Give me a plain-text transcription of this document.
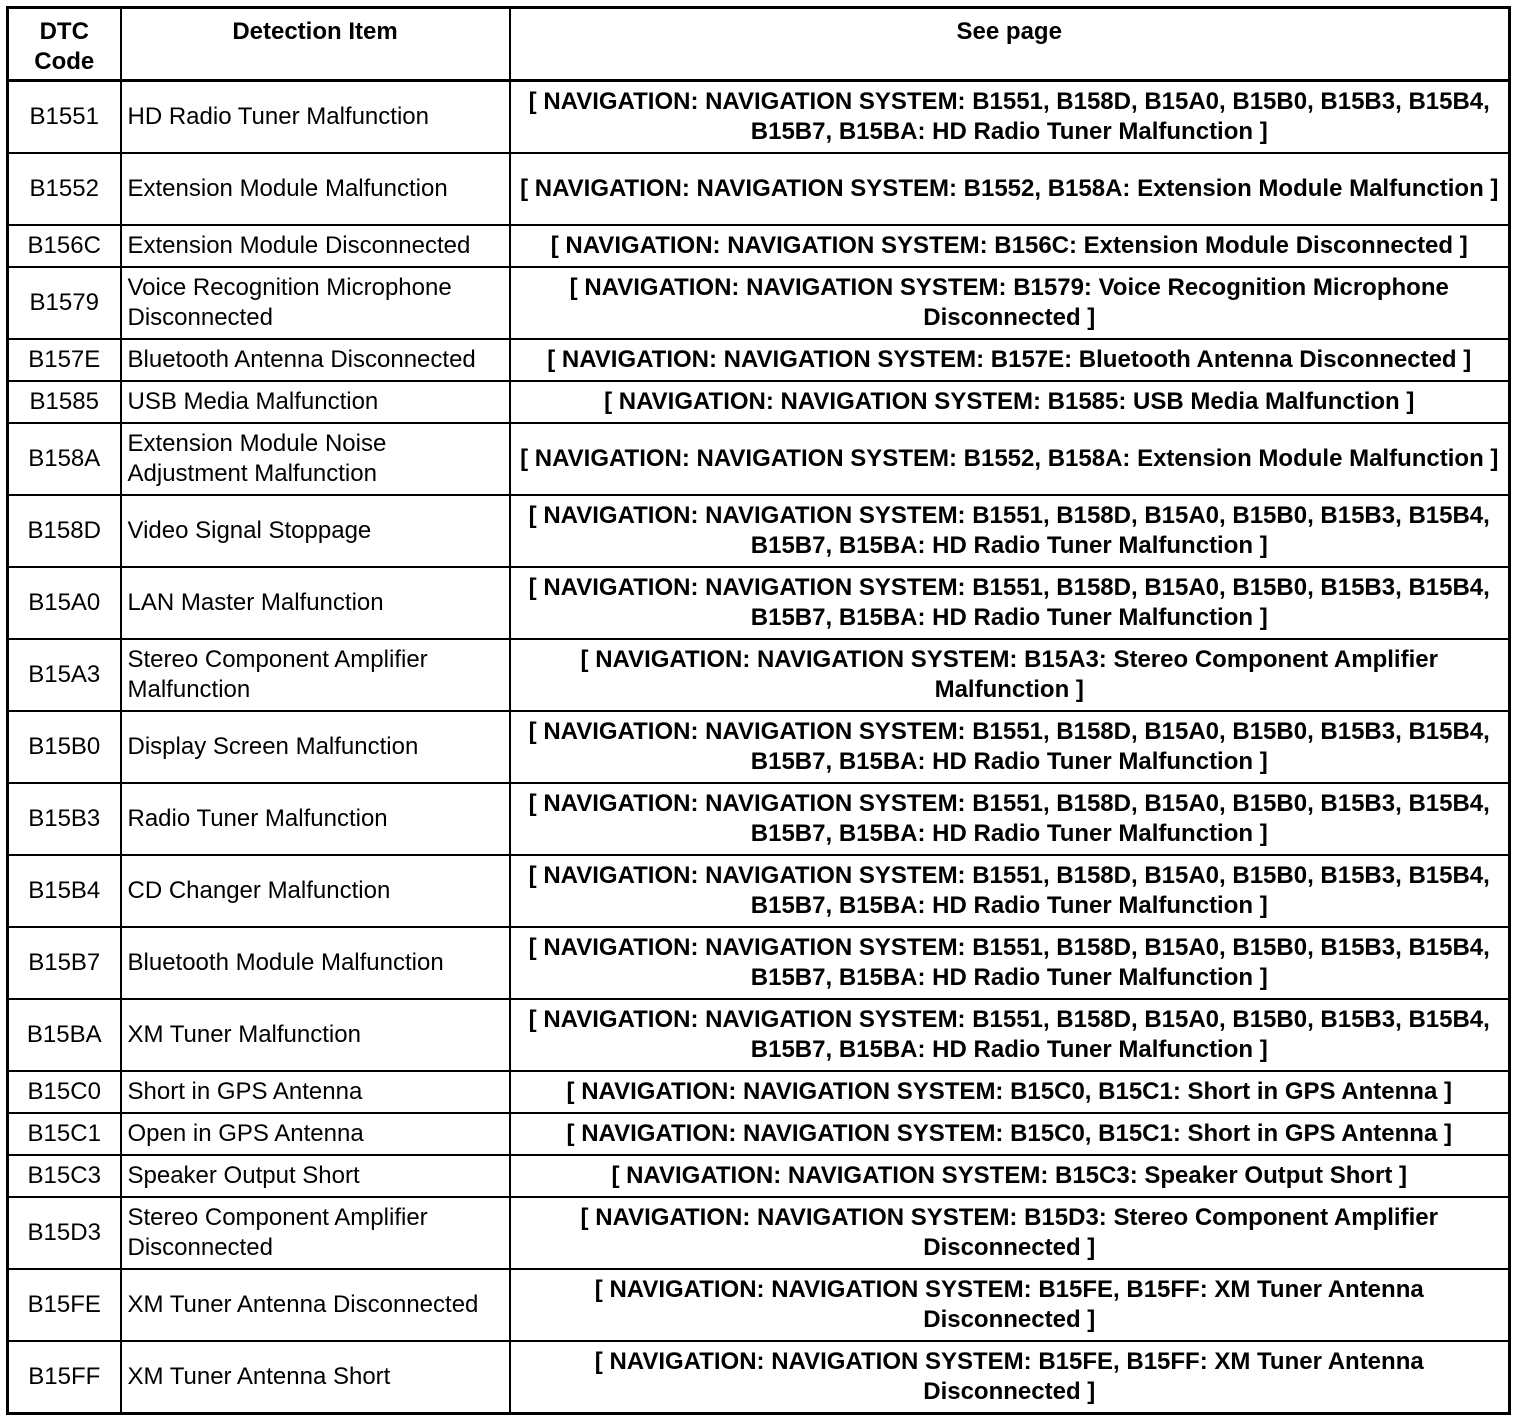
DTC Code	Detection Item	See page
B1551	HD Radio Tuner Malfunction	[ NAVIGATION: NAVIGATION SYSTEM: B1551, B158D, B15A0, B15B0, B15B3, B15B4, B15B7, B15BA: HD Radio Tuner Malfunction ]
B1552	Extension Module Malfunction	[ NAVIGATION: NAVIGATION SYSTEM: B1552, B158A: Extension Module Malfunction ]
B156C	Extension Module Disconnected	[ NAVIGATION: NAVIGATION SYSTEM: B156C: Extension Module Disconnected ]
B1579	Voice Recognition Microphone Disconnected	[ NAVIGATION: NAVIGATION SYSTEM: B1579: Voice Recognition Microphone Disconnected ]
B157E	Bluetooth Antenna Disconnected	[ NAVIGATION: NAVIGATION SYSTEM: B157E: Bluetooth Antenna Disconnected ]
B1585	USB Media Malfunction	[ NAVIGATION: NAVIGATION SYSTEM: B1585: USB Media Malfunction ]
B158A	Extension Module Noise Adjustment Malfunction	[ NAVIGATION: NAVIGATION SYSTEM: B1552, B158A: Extension Module Malfunction ]
B158D	Video Signal Stoppage	[ NAVIGATION: NAVIGATION SYSTEM: B1551, B158D, B15A0, B15B0, B15B3, B15B4, B15B7, B15BA: HD Radio Tuner Malfunction ]
B15A0	LAN Master Malfunction	[ NAVIGATION: NAVIGATION SYSTEM: B1551, B158D, B15A0, B15B0, B15B3, B15B4, B15B7, B15BA: HD Radio Tuner Malfunction ]
B15A3	Stereo Component Amplifier Malfunction	[ NAVIGATION: NAVIGATION SYSTEM: B15A3: Stereo Component Amplifier Malfunction ]
B15B0	Display Screen Malfunction	[ NAVIGATION: NAVIGATION SYSTEM: B1551, B158D, B15A0, B15B0, B15B3, B15B4, B15B7, B15BA: HD Radio Tuner Malfunction ]
B15B3	Radio Tuner Malfunction	[ NAVIGATION: NAVIGATION SYSTEM: B1551, B158D, B15A0, B15B0, B15B3, B15B4, B15B7, B15BA: HD Radio Tuner Malfunction ]
B15B4	CD Changer Malfunction	[ NAVIGATION: NAVIGATION SYSTEM: B1551, B158D, B15A0, B15B0, B15B3, B15B4, B15B7, B15BA: HD Radio Tuner Malfunction ]
B15B7	Bluetooth Module Malfunction	[ NAVIGATION: NAVIGATION SYSTEM: B1551, B158D, B15A0, B15B0, B15B3, B15B4, B15B7, B15BA: HD Radio Tuner Malfunction ]
B15BA	XM Tuner Malfunction	[ NAVIGATION: NAVIGATION SYSTEM: B1551, B158D, B15A0, B15B0, B15B3, B15B4, B15B7, B15BA: HD Radio Tuner Malfunction ]
B15C0	Short in GPS Antenna	[ NAVIGATION: NAVIGATION SYSTEM: B15C0, B15C1: Short in GPS Antenna ]
B15C1	Open in GPS Antenna	[ NAVIGATION: NAVIGATION SYSTEM: B15C0, B15C1: Short in GPS Antenna ]
B15C3	Speaker Output Short	[ NAVIGATION: NAVIGATION SYSTEM: B15C3: Speaker Output Short ]
B15D3	Stereo Component Amplifier Disconnected	[ NAVIGATION: NAVIGATION SYSTEM: B15D3: Stereo Component Amplifier Disconnected ]
B15FE	XM Tuner Antenna Disconnected	[ NAVIGATION: NAVIGATION SYSTEM: B15FE, B15FF: XM Tuner Antenna Disconnected ]
B15FF	XM Tuner Antenna Short	[ NAVIGATION: NAVIGATION SYSTEM: B15FE, B15FF: XM Tuner Antenna Disconnected ]
